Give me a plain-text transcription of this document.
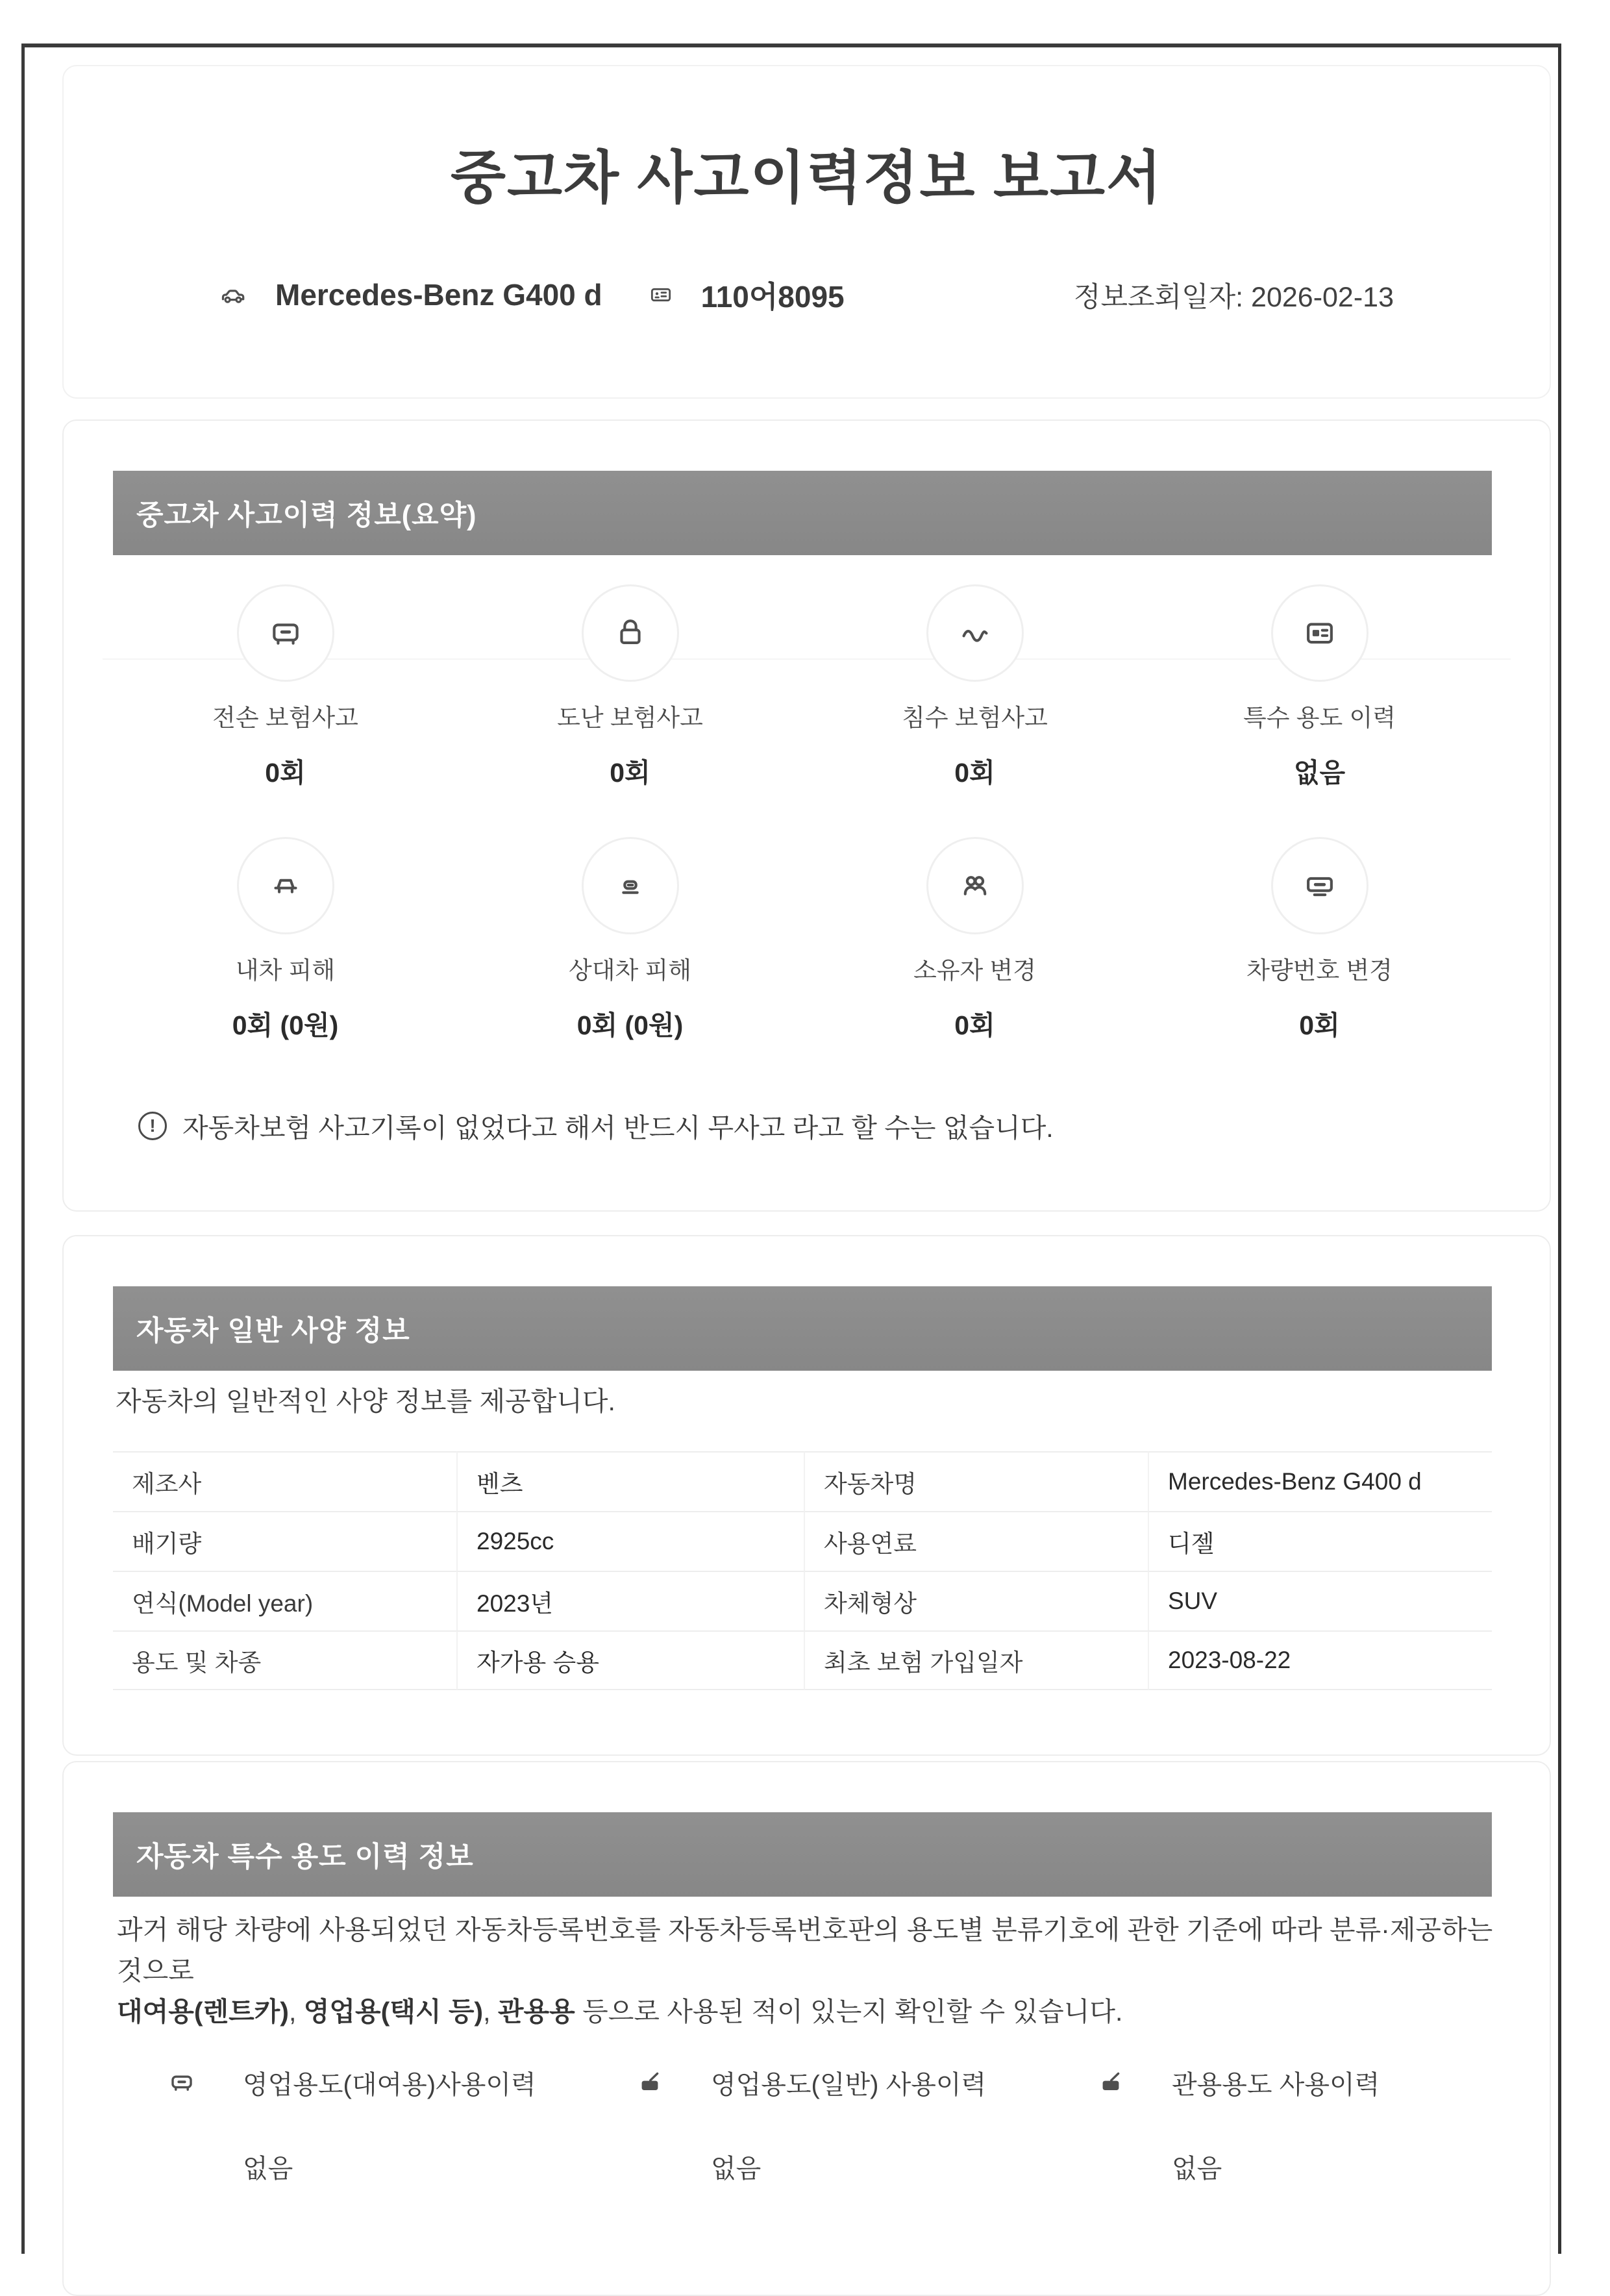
중고차 사고이력정보 보고서
Mercedes-Benz G400 d	110어8095	정보조회일자: 2026-02-13
중고차 사고이력 정보(요약)
전손 보험사고
0회
도난 보험사고
0회
침수 보험사고
0회
특수 용도 이력
없음
내차 피해
0회 (0원)
상대차 피해
0회 (0원)
소유자 변경
0회
차량번호 변경
0회
!	자동차보험 사고기록이 없었다고 해서 반드시 무사고 라고 할 수는 없습니다.
자동차 일반 사양 정보
자동차의 일반적인 사양 정보를 제공합니다.
제조사	벤츠	자동차명	Mercedes-Benz G400 d
배기량	2925cc	사용연료	디젤
연식(Model year)	2023년	차체형상	SUV
용도 및 차종	자가용 승용	최초 보험 가입일자	2023-08-22
자동차 특수 용도 이력 정보
과거 해당 차량에 사용되었던 자동차등록번호를 자동차등록번호판의 용도별 분류기호에 관한 기준에 따라 분류·제공하는 것으로
대여용(렌트카), 영업용(택시 등), 관용용 등으로 사용된 적이 있는지 확인할 수 있습니다.
영업용도(대여용)사용이력
없음
영업용도(일반) 사용이력
없음
관용용도 사용이력
없음
